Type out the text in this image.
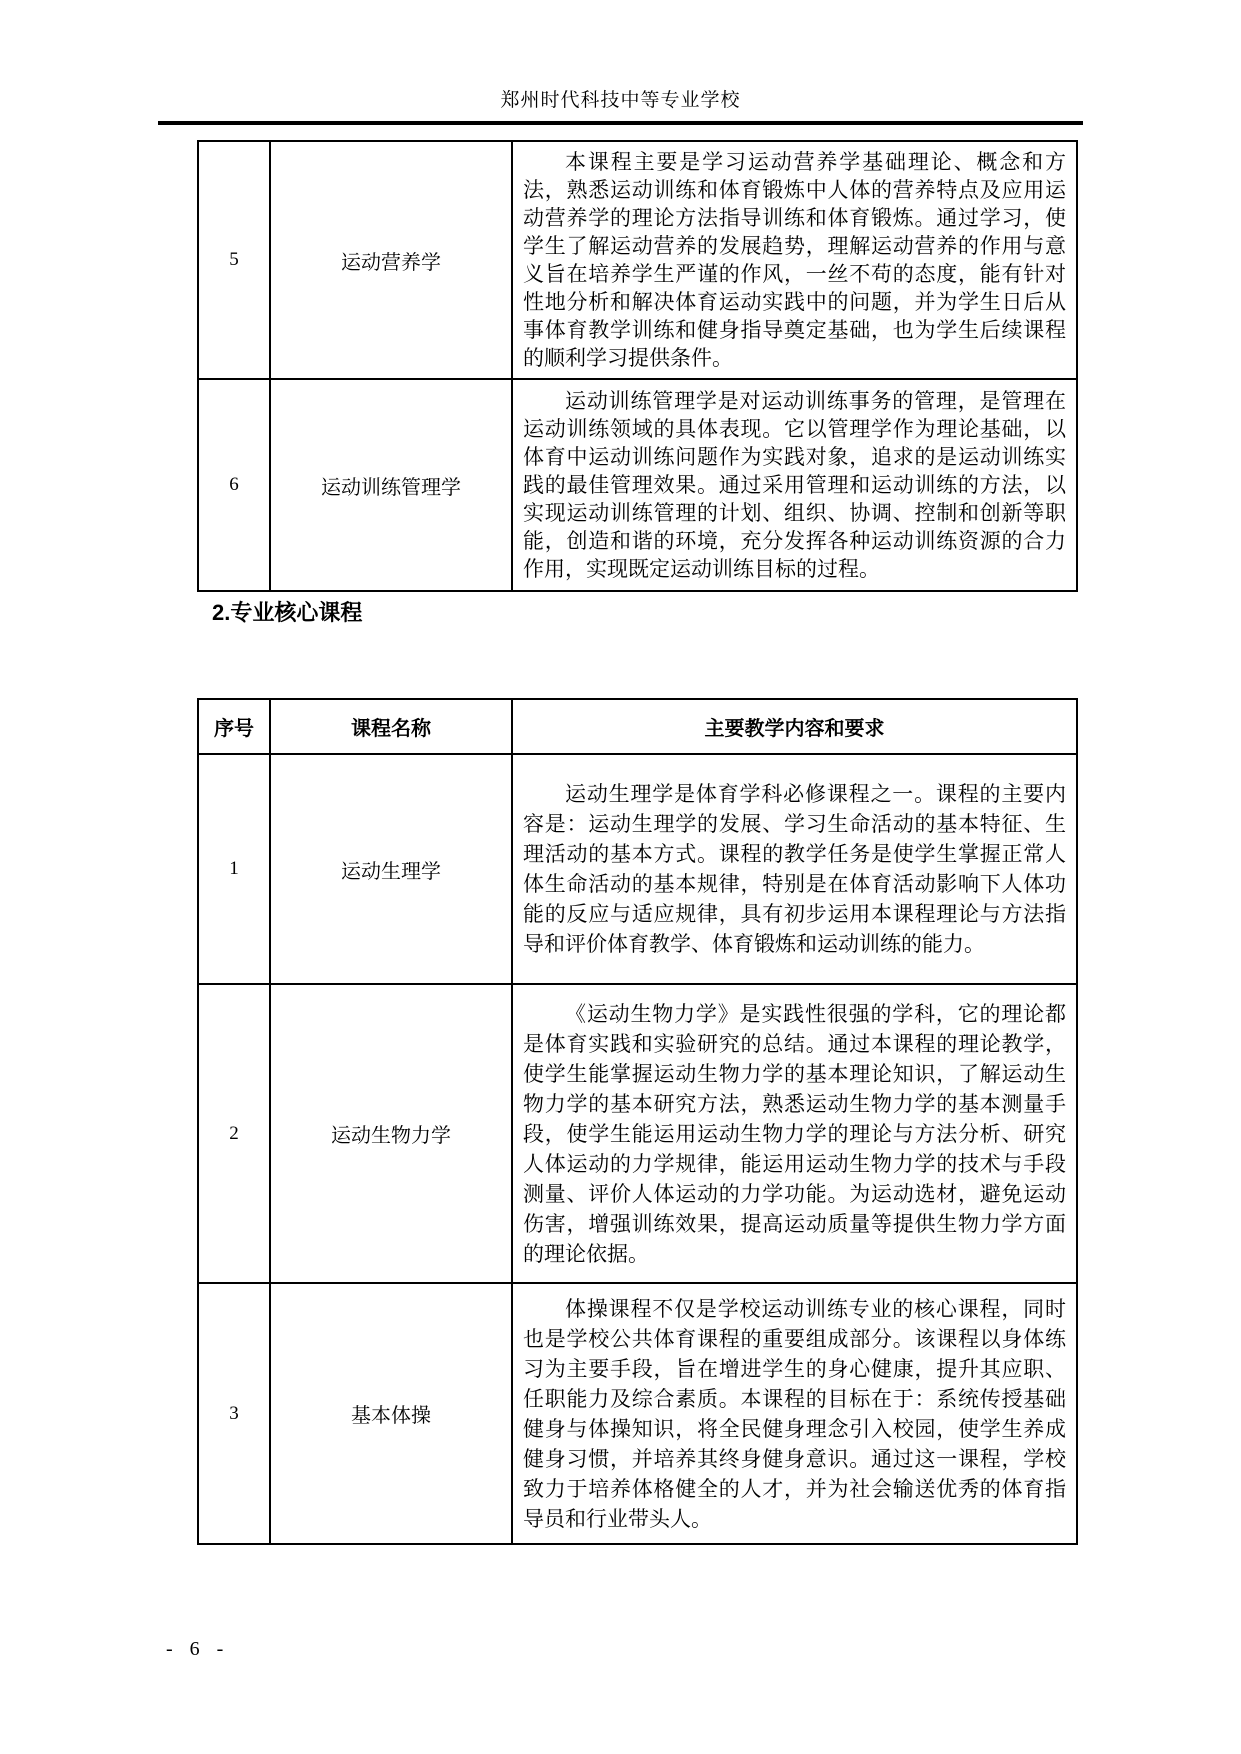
郑州时代科技中等专业学校
5	运动营养学	本课程主要是学习运动营养学基础理论、概念和方法，熟悉运动训练和体育锻炼中人体的营养特点及应用运动营养学的理论方法指导训练和体育锻炼。通过学习，使学生了解运动营养的发展趋势，理解运动营养的作用与意义旨在培养学生严谨的作风，一丝不苟的态度，能有针对性地分析和解决体育运动实践中的问题，并为学生日后从事体育教学训练和健身指导奠定基础，也为学生后续课程的顺利学习提供条件。

6	运动训练管理学	运动训练管理学是对运动训练事务的管理，是管理在运动训练领域的具体表现。它以管理学作为理论基础，以体育中运动训练问题作为实践对象，追求的是运动训练实践的最佳管理效果。通过采用管理和运动训练的方法，以实现运动训练管理的计划、组织、协调、控制和创新等职能，创造和谐的环境，充分发挥各种运动训练资源的合力作用，实现既定运动训练目标的过程。

2.专业核心课程
序号	课程名称	主要教学内容和要求
1	运动生理学	运动生理学是体育学科必修课程之一。课程的主要内容是：运动生理学的发展、学习生命活动的基本特征、生理活动的基本方式。课程的教学任务是使学生掌握正常人体生命活动的基本规律，特别是在体育活动影响下人体功能的反应与适应规律，具有初步运用本课程理论与方法指导和评价体育教学、体育锻炼和运动训练的能力。

2	运动生物力学	《运动生物力学》是实践性很强的学科，它的理论都是体育实践和实验研究的总结。通过本课程的理论教学，使学生能掌握运动生物力学的基本理论知识，了解运动生物力学的基本研究方法，熟悉运动生物力学的基本测量手段，使学生能运用运动生物力学的理论与方法分析、研究人体运动的力学规律，能运用运动生物力学的技术与手段测量、评价人体运动的力学功能。为运动选材，避免运动伤害，增强训练效果，提高运动质量等提供生物力学方面的理论依据。

3	基本体操	体操课程不仅是学校运动训练专业的核心课程，同时也是学校公共体育课程的重要组成部分。该课程以身体练习为主要手段，旨在增进学生的身心健康，提升其应职、任职能力及综合素质。本课程的目标在于：系统传授基础健身与体操知识，将全民健身理念引入校园，使学生养成健身习惯，并培养其终身健身意识。通过这一课程，学校致力于培养体格健全的人才，并为社会输送优秀的体育指导员和行业带头人。

- 6 -
